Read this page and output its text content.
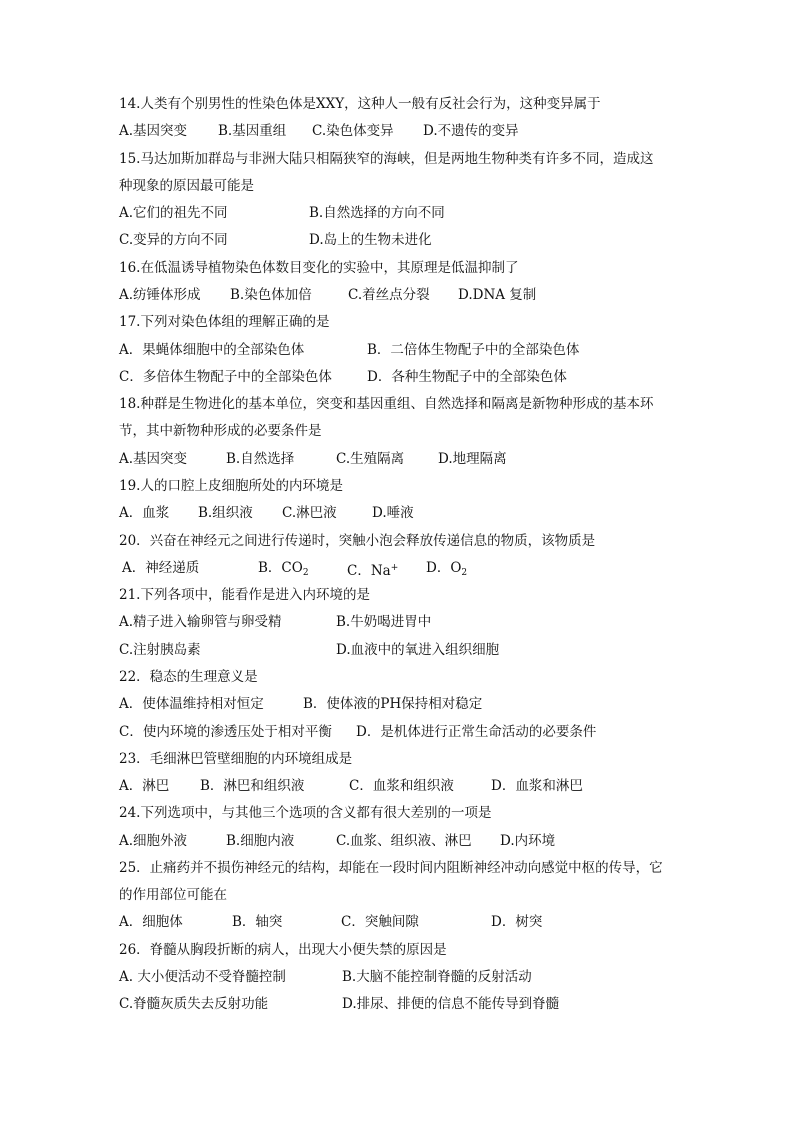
14.人类有个别男性的性染色体是XXY，这种人一般有反社会行为，这种变异属于
A.基因突变 B.基因重组 C.染色体变异 D.不遗传的变异
15.马达加斯加群岛与非洲大陆只相隔狭窄的海峡，但是两地生物种类有许多不同，造成这
种现象的原因最可能是
A.它们的祖先不同	B.自然选择的方向不同
C.变异的方向不同	D.岛上的生物未进化
16.在低温诱导植物染色体数目变化的实验中，其原理是低温抑制了
A.纺锤体形成 B.染色体加倍	C.着丝点分裂 D.DNA 复制
17.下列对染色体组的理解正确的是
A．果蝇体细胞中的全部染色体	B．二倍体生物配子中的全部染色体
C．多倍体生物配子中的全部染色体	D．各种生物配子中的全部染色体
18.种群是生物进化的基本单位，突变和基因重组、自然选择和隔离是新物种形成的基本环
节，其中新物种形成的必要条件是
A.基因突变	B.自然选择	C.生殖隔离	D.地理隔离
19.人的口腔上皮细胞所处的内环境是
A．血浆 B.组织液 C.淋巴液	D.唾液
20．兴奋在神经元之间进行传递时，突触小泡会释放传递信息的物质，该物质是
A．神经递质	B．$CO_2$	C．Na+ D．$O_2$
21.下列各项中，能看作是进入内环境的是
A.精子进入输卵管与卵受精	B.牛奶喝进胃中
C.注射胰岛素	D.血液中的氧进入组织细胞
22．稳态的生理意义是
A．使体温维持相对恒定	B．使体液的PH保持相对稳定
C．使内环境的渗透压处于相对平衡 D．是机体进行正常生命活动的必要条件
23．毛细淋巴管壁细胞的内环境组成是
A．淋巴 B．淋巴和组织液	C．血浆和组织液	D．血浆和淋巴
24.下列选项中，与其他三个选项的含义都有很大差别的一项是
A.细胞外液	B.细胞内液	C.血浆、组织液、淋巴 D.内环境
25．止痛药并不损伤神经元的结构，却能在一段时间内阻断神经冲动向感觉中枢的传导，它
的作用部位可能在
A．细胞体	B．轴突	C．突触间隙	D．树突
26．脊髓从胸段折断的病人，出现大小便失禁的原因是
A. 大小便活动不受脊髓控制	B.大脑不能控制脊髓的反射活动
C.脊髓灰质失去反射功能	D.排尿、排便的信息不能传导到脊髓
